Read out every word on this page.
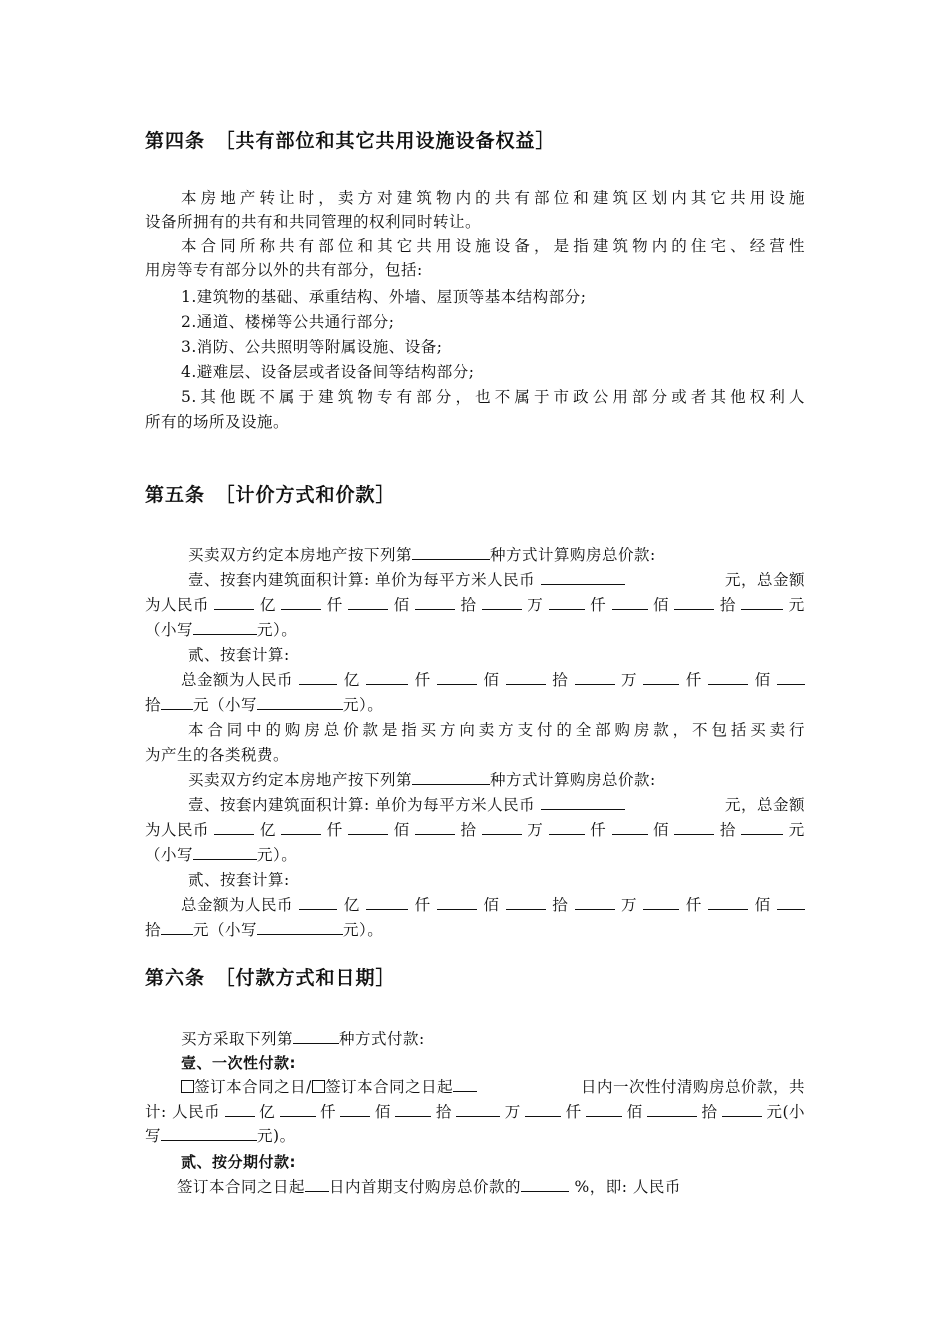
第四条　［共有部位和其它共用设施设备权益］
本房地产转让时，卖方对建筑物内的共有部位和建筑区划内其它共用设施
设备所拥有的共有和共同管理的权利同时转让。
本合同所称共有部位和其它共用设施设备，是指建筑物内的住宅、经营性
用房等专有部分以外的共有部分，包括:
1.建筑物的基础、承重结构、外墙、屋顶等基本结构部分;
2.通道、楼梯等公共通行部分;
3.消防、公共照明等附属设施、设备;
4.避难层、设备层或者设备间等结构部分;
5.其他既不属于建筑物专有部分，也不属于市政公用部分或者其他权利人
所有的场所及设施。
第五条　［计价方式和价款］
买卖双方约定本房地产按下列第	种方式计算购房总价款:
壹、按套内建筑面积计算: 单价为每平方米人民币	元，总金额
为人民币	亿	仟	佰	拾	万	仟	佰	拾	元
（小写	元）。
贰、按套计算:
总金额为人民币	亿	仟	佰	拾	万	仟	佰
拾 元（小写	元）。
本合同中的购房总价款是指买方向卖方支付的全部购房款，不包括买卖行
为产生的各类税费。
买卖双方约定本房地产按下列第	种方式计算购房总价款:
壹、按套内建筑面积计算: 单价为每平方米人民币	元，总金额
为人民币	亿	仟	佰	拾	万	仟	佰	拾	元
（小写	元）。
贰、按套计算:
总金额为人民币	亿	仟	佰	拾	万	仟	佰
拾 元（小写	元）。
第六条　［付款方式和日期］
买方采取下列第	种方式付款:
壹、一次性付款:
签订本合同之日/ 签订本合同之日起	日内一次性付清购房总价款，共
计: 人民币	亿	仟	佰	拾	万	仟	佰	拾	元(小
写	元)。
贰、按分期付款:
签订本合同之日起 日内首期支付购房总价款的	%，即: 人民币
